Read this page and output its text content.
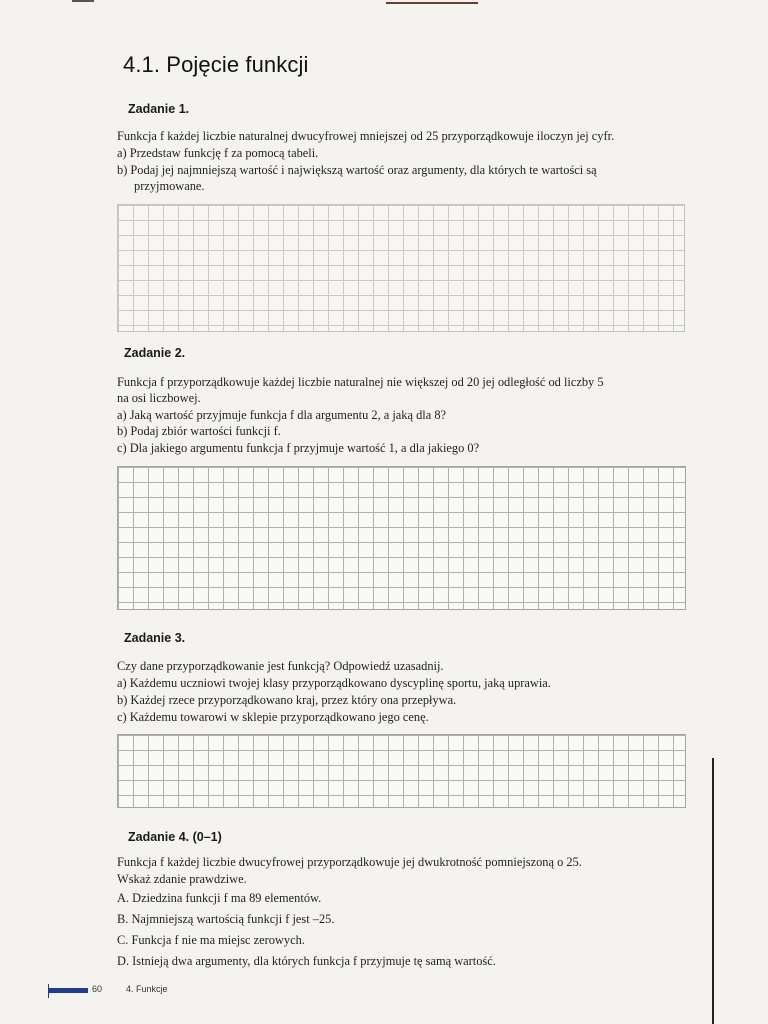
4.1. Pojęcie funkcji
Zadanie 1.
Funkcja f każdej liczbie naturalnej dwucyfrowej mniejszej od 25 przyporządkowuje iloczyn jej cyfr.
a) Przedstaw funkcję f za pomocą tabeli.
b) Podaj jej najmniejszą wartość i największą wartość oraz argumenty, dla których te wartości są
przyjmowane.
Zadanie 2.
Funkcja f przyporządkowuje każdej liczbie naturalnej nie większej od 20 jej odległość od liczby 5
na osi liczbowej.
a) Jaką wartość przyjmuje funkcja f dla argumentu 2, a jaką dla 8?
b) Podaj zbiór wartości funkcji f.
c) Dla jakiego argumentu funkcja f przyjmuje wartość 1, a dla jakiego 0?
Zadanie 3.
Czy dane przyporządkowanie jest funkcją? Odpowiedź uzasadnij.
a) Każdemu uczniowi twojej klasy przyporządkowano dyscyplinę sportu, jaką uprawia.
b) Każdej rzece przyporządkowano kraj, przez który ona przepływa.
c) Każdemu towarowi w sklepie przyporządkowano jego cenę.
Zadanie 4. (0–1)
Funkcja f każdej liczbie dwucyfrowej przyporządkowuje jej dwukrotność pomniejszoną o 25.
Wskaż zdanie prawdziwe.
A. Dziedzina funkcji f ma 89 elementów.
B. Najmniejszą wartością funkcji f jest –25.
C. Funkcja f nie ma miejsc zerowych.
D. Istnieją dwa argumenty, dla których funkcja f przyjmuje tę samą wartość.
60	4. Funkcje
